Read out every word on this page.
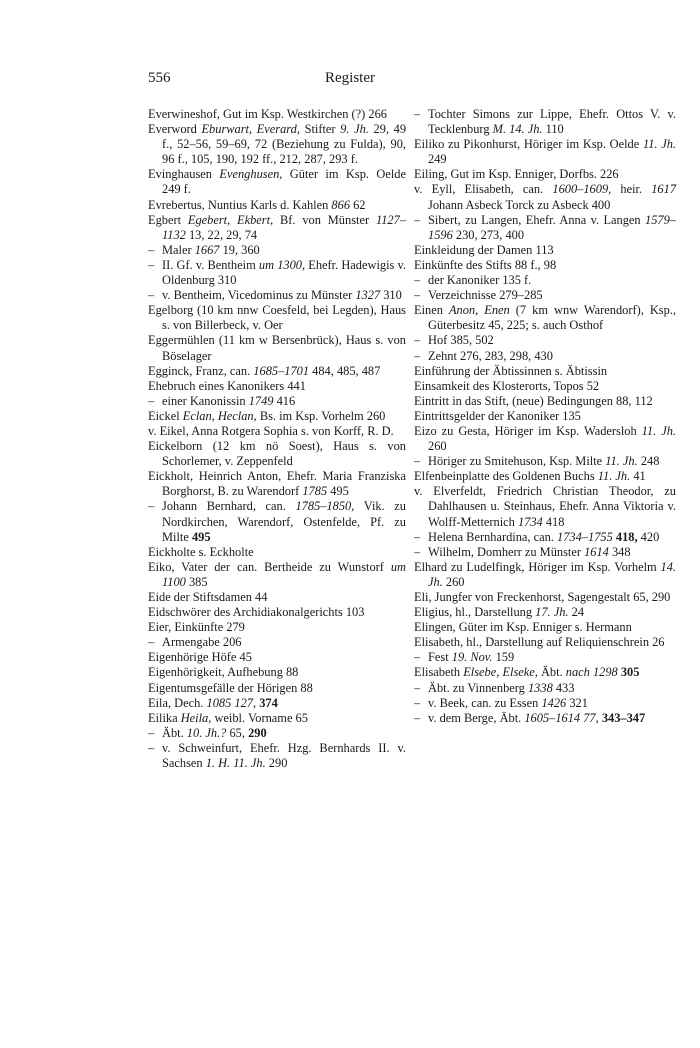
556	Register
Everwineshof, Gut im Ksp. Westkirchen (?) 266
Everword Eburwart, Everard, Stifter 9. Jh. 29, 49 f., 52–56, 59–69, 72 (Beziehung zu Fulda), 90, 96 f., 105, 190, 192 ff., 212, 287, 293 f.
Evinghausen Evenghusen, Güter im Ksp. Oelde 249 f.
Evrebertus, Nuntius Karls d. Kahlen 866 62
Egbert Egebert, Ekbert, Bf. von Münster 1127–1132 13, 22, 29, 74
– Maler 1667 19, 360
– II. Gf. v. Bentheim um 1300, Ehefr. Hadewigis v. Oldenburg 310
– v. Bentheim, Vicedominus zu Münster 1327 310
Egelborg (10 km nnw Coesfeld, bei Legden), Haus s. von Billerbeck, v. Oer
Eggermühlen (11 km w Bersenbrück), Haus s. von Böselager
Egginck, Franz, can. 1685–1701 484, 485, 487
Ehebruch eines Kanonikers 441
– einer Kanonissin 1749 416
Eickel Eclan, Heclan, Bs. im Ksp. Vorhelm 260
v. Eikel, Anna Rotgera Sophia s. von Korff, R. D.
Eickelborn (12 km nö Soest), Haus s. von Schorlemer, v. Zeppenfeld
Eickholt, Heinrich Anton, Ehefr. Maria Franziska Borghorst, B. zu Warendorf 1785 495
– Johann Bernhard, can. 1785–1850, Vik. zu Nordkirchen, Warendorf, Ostenfelde, Pf. zu Milte 495
Eickholte s. Eckholte
Eiko, Vater der can. Bertheide zu Wunstorf um 1100 385
Eide der Stiftsdamen 44
Eidschwörer des Archidiakonalgerichts 103
Eier, Einkünfte 279
– Armengabe 206
Eigenhörige Höfe 45
Eigenhörigkeit, Aufhebung 88
Eigentumsgefälle der Hörigen 88
Eila, Dech. 1085 127, 374
Eilika Heila, weibl. Vorname 65
– Äbt. 10. Jh.? 65, 290
– v. Schweinfurt, Ehefr. Hzg. Bernhards II. v. Sachsen 1. H. 11. Jh. 290
– Tochter Simons zur Lippe, Ehefr. Ottos V. v. Tecklenburg M. 14. Jh. 110
Eiliko zu Pikonhurst, Höriger im Ksp. Oelde 11. Jh. 249
Eiling, Gut im Ksp. Enniger, Dorfbs. 226
v. Eyll, Elisabeth, can. 1600–1609, heir. 1617 Johann Asbeck Torck zu Asbeck 400
– Sibert, zu Langen, Ehefr. Anna v. Langen 1579–1596 230, 273, 400
Einkleidung der Damen 113
Einkünfte des Stifts 88 f., 98
– der Kanoniker 135 f.
– Verzeichnisse 279–285
Einen Anon, Enen (7 km wnw Warendorf), Ksp., Güterbesitz 45, 225; s. auch Osthof
– Hof 385, 502
– Zehnt 276, 283, 298, 430
Einführung der Äbtissinnen s. Äbtissin
Einsamkeit des Klosterorts, Topos 52
Eintritt in das Stift, (neue) Bedingungen 88, 112
Eintrittsgelder der Kanoniker 135
Eizo zu Gesta, Höriger im Ksp. Wadersloh 11. Jh. 260
– Höriger zu Smitehuson, Ksp. Milte 11. Jh. 248
Elfenbeinplatte des Goldenen Buchs 11. Jh. 41
v. Elverfeldt, Friedrich Christian Theodor, zu Dahlhausen u. Steinhaus, Ehefr. Anna Viktoria v. Wolff-Metternich 1734 418
– Helena Bernhardina, can. 1734–1755 418, 420
– Wilhelm, Domherr zu Münster 1614 348
Elhard zu Ludelfingk, Höriger im Ksp. Vorhelm 14. Jh. 260
Eli, Jungfer von Freckenhorst, Sagengestalt 65, 290
Eligius, hl., Darstellung 17. Jh. 24
Elingen, Güter im Ksp. Enniger s. Hermann
Elisabeth, hl., Darstellung auf Reliquienschrein 26
– Fest 19. Nov. 159
Elisabeth Elsebe, Elseke, Äbt. nach 1298 305
– Äbt. zu Vinnenberg 1338 433
– v. Beek, can. zu Essen 1426 321
– v. dem Berge, Äbt. 1605–1614 77, 343–347
